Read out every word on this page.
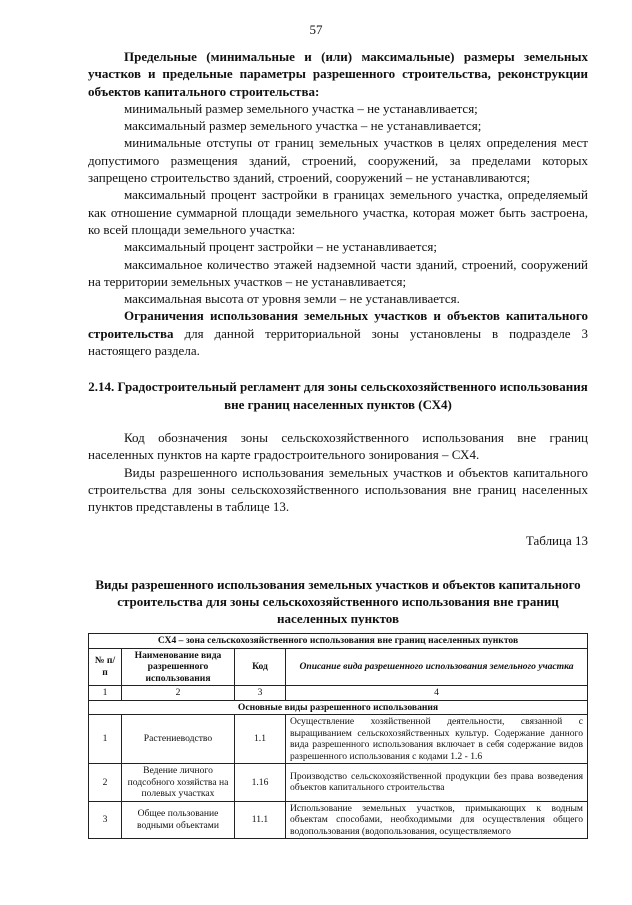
57

Предельные (минимальные и (или) максимальные) размеры земельных участков и предельные параметры разрешенного строительства, реконструкции объектов капитального строительства:

минимальный размер земельного участка – не устанавливается;

максимальный размер земельного участка – не устанавливается;

минимальные отступы от границ земельных участков в целях определения мест допустимого размещения зданий, строений, сооружений, за пределами которых запрещено строительство зданий, строений, сооружений – не устанавливаются;

максимальный процент застройки в границах земельного участка, определяемый как отношение суммарной площади земельного участка, которая может быть застроена, ко всей площади земельного участка:

максимальный процент застройки – не устанавливается;

максимальное количество этажей надземной части зданий, строений, сооружений на территории земельных участков – не устанавливается;

максимальная высота от уровня земли – не устанавливается.

Ограничения использования земельных участков и объектов капитального строительства для данной территориальной зоны установлены в подразделе 3 настоящего раздела.

2.14. Градостроительный регламент для зоны сельскохозяйственного использования вне границ населенных пунктов (СХ4)

Код обозначения зоны сельскохозяйственного использования вне границ населенных пунктов на карте градостроительного зонирования – СХ4.

Виды разрешенного использования земельных участков и объектов капитального строительства для зоны сельскохозяйственного использования вне границ населенных пунктов представлены в таблице 13.

Таблица 13

Виды разрешенного использования земельных участков и объектов капитального строительства для зоны сельскохозяйственного использования вне границ населенных пунктов

СХ4 – зона сельскохозяйственного использования вне границ населенных пунктов			
№ п/п	Наименование вида разрешенного использования	Код	Описание вида разрешенного использования земельного участка
1	2	3	4
Основные виды разрешенного использования			
1	Растениеводство	1.1	Осуществление хозяйственной деятельности, связанной с выращиванием сельскохозяйственных культур. Содержание данного вида разрешенного использования включает в себя содержание видов разрешенного использования с кодами 1.2 - 1.6
2	Ведение личного подсобного хозяйства на полевых участках	1.16	Производство сельскохозяйственной продукции без права возведения объектов капитального строительства
3	Общее пользование водными объектами	11.1	Использование земельных участков, примыкающих к водным объектам способами, необходимыми для осуществления общего водопользования (водопользования, осуществляемого
